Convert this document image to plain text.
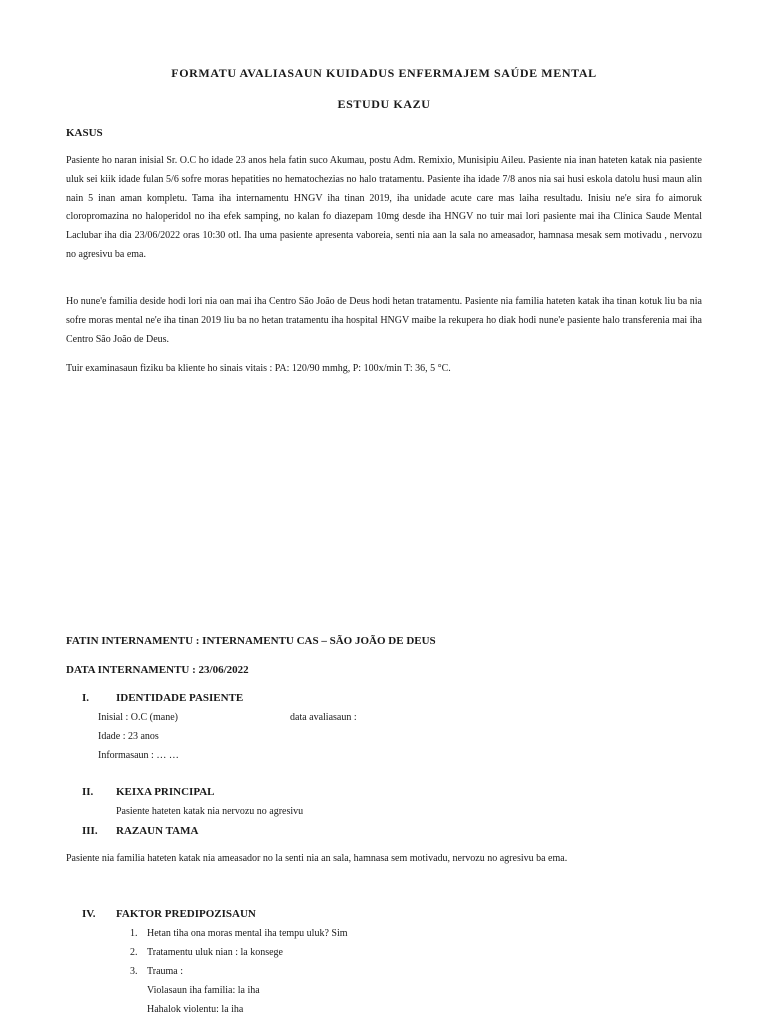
FORMATU AVALIASAUN KUIDADUS ENFERMAJEM SAÚDE MENTAL
ESTUDU KAZU
KASUS
Pasiente ho naran inisial Sr. O.C ho idade 23 anos hela fatin suco Akumau, postu Adm. Remixio, Munisipiu Aileu. Pasiente nia inan hateten katak nia pasiente uluk sei kiik idade fulan 5/6 sofre moras hepatities no hematochezias no halo tratamentu. Pasiente iha idade 7/8 anos nia sai husi eskola datolu husi maun alin nain 5 inan aman kompletu. Tama iha internamentu HNGV iha tinan 2019, iha unidade acute care mas laiha resultadu. Inisiu ne'e sira fo aimoruk cloropromazina no haloperidol no iha efek samping, no kalan fo diazepam 10mg desde iha HNGV no tuir mai lori pasiente mai iha Clinica Saude Mental Laclubar iha dia 23/06/2022 oras 10:30 otl. Iha uma pasiente apresenta vaboreia, senti nia aan la sala no ameasador, hamnasa mesak sem motivadu , nervozu no agresivu ba ema.
Ho nune'e familia deside hodi lori nia oan mai iha Centro São João de Deus hodi hetan tratamentu. Pasiente nia familia hateten katak iha tinan kotuk liu ba nia sofre moras mental ne'e iha tinan 2019 liu ba no hetan tratamentu iha hospital HNGV maibe la rekupera ho diak hodi nune'e pasiente halo transferenia mai iha Centro São João de Deus.
Tuir examinasaun fiziku ba kliente ho sinais vitais : PA: 120/90 mmhg, P: 100x/min T: 36, 5 °C.
FATIN INTERNAMENTU : INTERNAMENTU CAS – SÃO JOÃO DE DEUS
DATA INTERNAMENTU : 23/06/2022
I. IDENTIDADE PASIENTE
Inisial : O.C (mane)	data avaliasaun :
Idade : 23 anos
Informasaun : … …
II. KEIXA PRINCIPAL
Pasiente hateten katak nia nervozu no agresivu
III. RAZAUN TAMA
Pasiente nia familia hateten katak nia ameasador no la senti nia an sala, hamnasa sem motivadu, nervozu no agresivu ba ema.
IV. FAKTOR PREDIPOZISAUN
1. Hetan tiha ona moras mental iha tempu uluk? Sim
2. Tratamentu uluk nian : la konsege
3. Trauma :
Violasaun iha familia: la iha
Hahalok violentu: la iha
